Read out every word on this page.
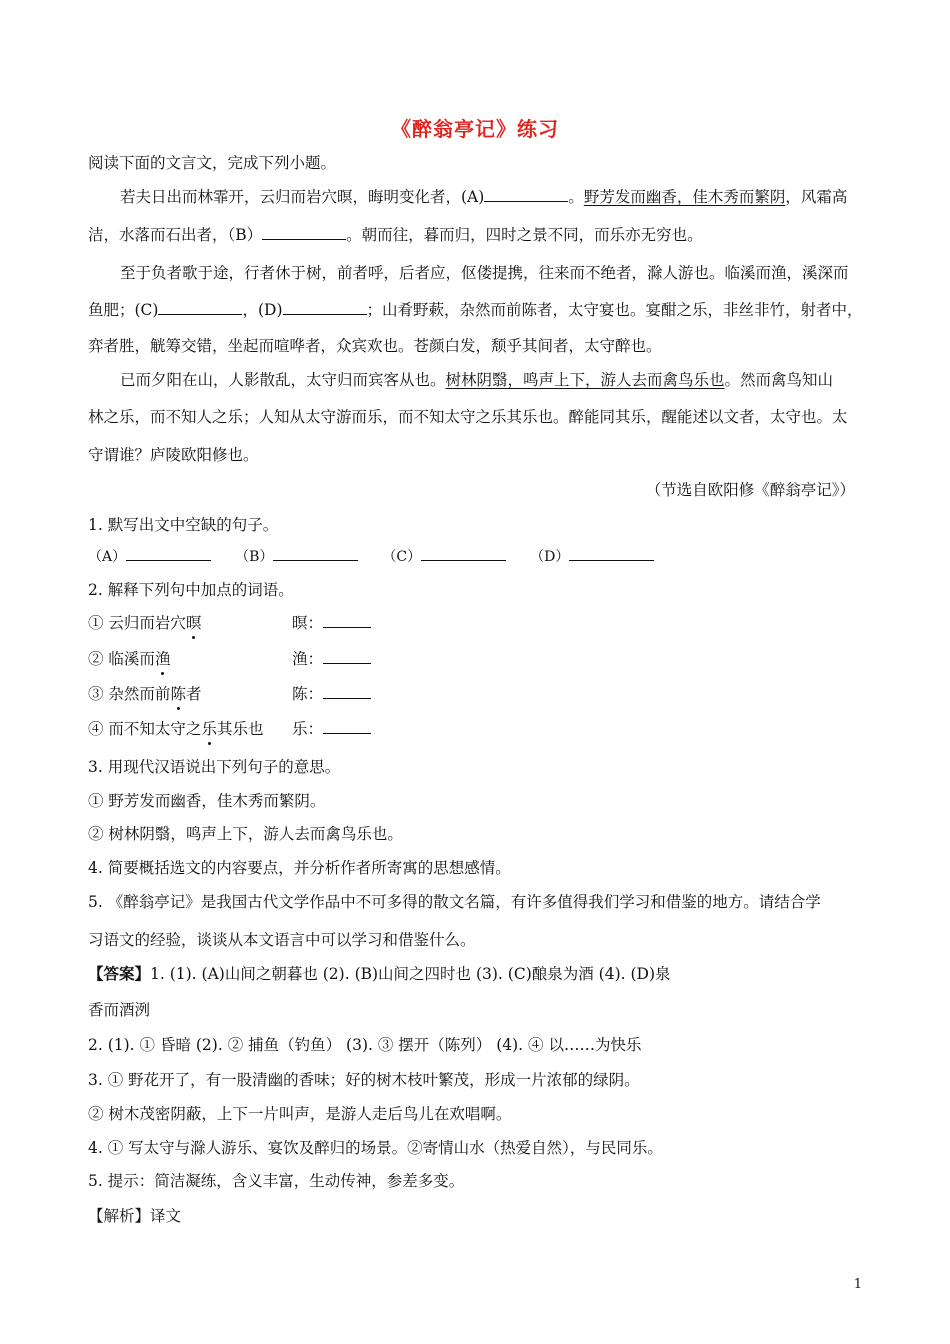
《醉翁亭记》练习
阅读下面的文言文，完成下列小题。
若夫日出而林霏开，云归而岩穴暝，晦明变化者，(A)	。野芳发而幽香，佳木秀而繁阴，风霜高
洁，水落而石出者，（B）	。朝而往，暮而归，四时之景不同，而乐亦无穷也。
至于负者歌于途，行者休于树，前者呼，后者应，伛偻提携，往来而不绝者，滁人游也。临溪而渔，溪深而
鱼肥；(C)	，(D)	；山肴野蔌，杂然而前陈者，太守宴也。宴酣之乐，非丝非竹，射者中，
弈者胜，觥筹交错，坐起而喧哗者，众宾欢也。苍颜白发，颓乎其间者，太守醉也。
已而夕阳在山，人影散乱，太守归而宾客从也。树林阴翳，鸣声上下，游人去而禽鸟乐也。然而禽鸟知山
林之乐，而不知人之乐；人知从太守游而乐，而不知太守之乐其乐也。醉能同其乐，醒能述以文者，太守也。太
守谓谁？庐陵欧阳修也。
（节选自欧阳修《醉翁亭记》）
1. 默写出文中空缺的句子。
（A）	（B）	（C）	（D）
2. 解释下列句中加点的词语。
① 云归而岩穴暝	暝：
② 临溪而渔	渔：
③ 杂然而前陈者	陈：
④ 而不知太守之乐其乐也 乐：
3. 用现代汉语说出下列句子的意思。
① 野芳发而幽香，佳木秀而繁阴。
② 树林阴翳，鸣声上下，游人去而禽鸟乐也。
4. 简要概括选文的内容要点，并分析作者所寄寓的思想感情。
5. 《醉翁亭记》是我国古代文学作品中不可多得的散文名篇，有许多值得我们学习和借鉴的地方。请结合学
习语文的经验，谈谈从本文语言中可以学习和借鉴什么。
【答案】1. (1). (A)山间之朝暮也 (2). (B)山间之四时也 (3). (C)酿泉为酒 (4). (D)泉
香而酒洌
2. (1). ① 昏暗 (2). ② 捕鱼（钓鱼） (3). ③ 摆开（陈列） (4). ④ 以……为快乐
3. ① 野花开了，有一股清幽的香味；好的树木枝叶繁茂，形成一片浓郁的绿阴。
② 树木茂密阴蔽，上下一片叫声，是游人走后鸟儿在欢唱啊。
4. ① 写太守与滁人游乐、宴饮及醉归的场景。②寄情山水（热爱自然），与民同乐。
5. 提示：简洁凝练，含义丰富，生动传神，参差多变。
【解析】译文
1
